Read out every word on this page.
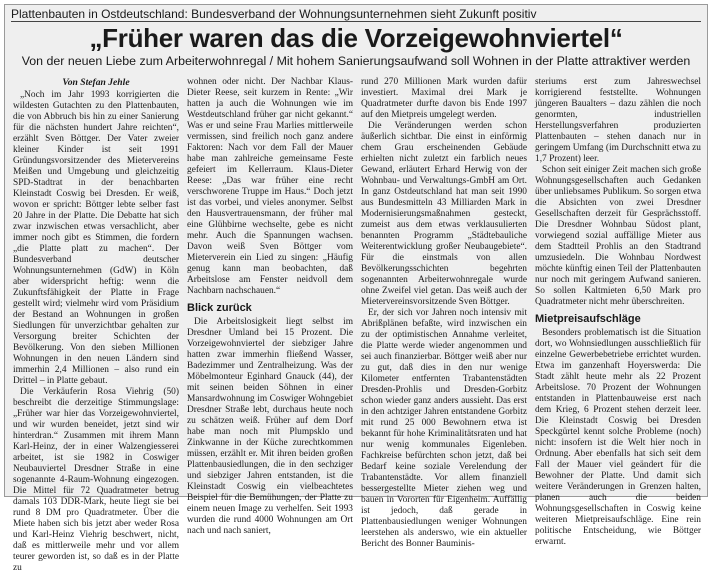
Plattenbauten in Ostdeutschland: Bundesverband der Wohnungsunternehmen sieht Zukunft positiv
„Früher waren das die Vorzeigewohnviertel“
Von der neuen Liebe zum Arbeiterwohnregal / Mit hohem Sanierungsaufwand soll Wohnen in der Platte attraktiver werden
Von Stefan Jehle

„Noch im Jahr 1993 korrigierten die wildesten Gutachten zu den Plattenbauten, die von Abbruch bis hin zu einer Sanierung für die nächsten hundert Jahre reichten“, erzählt Sven Böttger. Der Vater zweier kleiner Kinder ist seit 1991 Gründungsvorsitzender des Mietervereins Meißen und Umgebung und gleichzeitig SPD-Stadtrat in der benachbarten Kleinstadt Coswig bei Dresden. Er weiß, wovon er spricht: Böttger lebte selber fast 20 Jahre in der Platte. Die Debatte hat sich zwar inzwischen etwas versachlicht, aber immer noch gibt es Stimmen, die fordern „die Platte platt zu machen“. Der Bundesverband deutscher Wohnungsunternehmen (GdW) in Köln aber widerspricht heftig: wenn die Zukunftsfähigkeit der Platte in Frage gestellt wird; vielmehr wird vom Präsidium der Bestand an Wohnungen in großen Siedlungen für unverzichtbar gehalten zur Versorgung breiter Schichten der Bevölkerung. Von den sieben Millionen Wohnungen in den neuen Ländern sind immerhin 2,4 Millionen – also rund ein Drittel – in Platte gebaut.

Die Verkäuferin Rosa Viehrig (50) beschreibt die derzeitige Stimmungslage: „Früher war hier das Vorzeigewohnviertel, und wir wurden beneidet, jetzt sind wir hinterdran.“ Zusammen mit ihrem Mann Karl-Heinz, der in einer Walzengiesserei arbeitet, ist sie 1982 in Coswiger Neubauviertel Dresdner Straße in eine sogenannte 4-Raum-Wohnung eingezogen. Die Mittel für 72 Quadratmeter betrug damals 103 DDR-Mark, heute liegt sie bei rund 8 DM pro Quadratmeter. Über die Miete haben sich bis jetzt aber weder Rosa und Karl-Heinz Viehrig beschwert, nicht, daß es mittlerweile mehr und vor allem teurer geworden ist, so daß es in der Platte zu

wohnen oder nicht. Der Nachbar Klaus-Dieter Reese, seit kurzem in Rente: „Wir hatten ja auch die Wohnungen wie im Westdeutschland früher gar nicht gekannt.“ Was er und seine Frau Marlies mittlerweile vermissen, sind freilich noch ganz andere Faktoren: Nach vor dem Fall der Mauer habe man zahlreiche gemeinsame Feste gefeiert im Kellerraum. Klaus-Dieter Reese: „Das war früher eine recht verschworene Truppe im Haus.“ Doch jetzt ist das vorbei, und vieles anonymer. Selbst den Hausvertrauensmann, der früher mal eine Glühbirne wechselte, gebe es nicht mehr. Auch die Spannungen wachsen. Davon weiß Sven Böttger vom Mieterverein ein Lied zu singen: „Häufig genug kann man beobachten, daß Arbeitslose am Fenster neidvoll dem Nachbarn nachschauen.“

Blick zurück

Die Arbeitslosigkeit liegt selbst im Dresdner Umland bei 15 Prozent. Die Vorzeigewohnviertel der siebziger Jahre hatten zwar immerhin fließend Wasser, Badezimmer und Zentralheizung. Was der Möbelmonteur Eginhard Gnauck (44), der mit seinen beiden Söhnen in einer Mansardwohnung im Coswiger Wohngebiet Dresdner Straße lebt, durchaus heute noch zu schätzen weiß. Früher auf dem Dorf habe man noch mit Plumpsklo und Zinkwanne in der Küche zurechtkommen müssen, erzählt er. Mit ihren beiden großen Plattenbausiedlungen, die in den sechziger und siebziger Jahren entstanden, ist die Kleinstadt Coswig ein vielbeachtetes Beispiel für die Bemühungen, der Platte zu einem neuen Image zu verhelfen. Seit 1993 wurden die rund 4000 Wohnungen am Ort nach und nach saniert,

rund 270 Millionen Mark wurden dafür investiert. Maximal drei Mark je Quadratmeter durfte davon bis Ende 1997 auf den Mietpreis umgelegt werden.

Die Veränderungen werden schon äußerlich sichtbar. Die einst in einförmig chem Grau erscheinenden Gebäude erhielten nicht zuletzt ein farblich neues Gewand, erläutert Erhard Herwig von der Wohnbau- und Verwaltungs-GmbH am Ort. In ganz Ostdeutschland hat man seit 1990 aus Bundesmitteln 43 Milliarden Mark in Modernisierungsmaßnahmen gesteckt, zumeist aus dem etwas verklausulierten benannten Programm „Städtebauliche Weiterentwicklung großer Neubaugebiete“. Für die einstmals von allen Bevölkerungsschichten begehrten sogenannten Arbeiterwohnregale wurde ohne Zweifel viel getan. Das weiß auch der Mietervereinsvorsitzende Sven Böttger.

Er, der sich vor Jahren noch intensiv mit Abrißplänen befaßte, wird inzwischen ein zu der optimistischen Annahme verleitet, die Platte werde wieder angenommen und sei auch finanzierbar. Böttger weiß aber nur zu gut, daß dies in den nur wenige Kilometer entfernten Trabantenstädten Dresden-Prohlis und Dresden-Gorbitz schon wieder ganz anders aussieht. Das erst in den achtziger Jahren entstandene Gorbitz mit rund 25 000 Bewohnern etwa ist bekannt für hohe Kriminalitätsraten und hat nur wenig kommunales Eigenleben. Fachkreise befürchten schon jetzt, daß bei Bedarf keine soziale Verelendung der Trabantenstädte. Vor allem finanziell bessergestellte Mieter ziehen weg und bauen in Vororten für Eigenheim. Auffällig ist jedoch, daß gerade in Plattenbausiedlungen weniger Wohnungen leerstehen als anderswo, wie ein aktueller Bericht des Bonner Bauminis-

steriums erst zum Jahreswechsel korrigierend feststellte. Wohnungen jüngeren Baualters – dazu zählen die noch genormten, industriellen Herstellungsverfahren produzierten Plattenbauten – stehen danach nur in geringem Umfang (im Durchschnitt etwa zu 1,7 Prozent) leer.

Schon seit einiger Zeit machen sich große Wohnungsgesellschaften auch Gedanken über unliebsames Publikum. So sorgen etwa die Absichten von zwei Dresdner Gesellschaften derzeit für Gesprächsstoff. Die Dresdner Wohnbau Südost plant, vorwiegend sozial auffällige Mieter aus dem Stadtteil Prohlis an den Stadtrand umzusiedeln. Die Wohnbau Nordwest möchte künftig einen Teil der Plattenbauten nur noch mit geringem Aufwand sanieren. So sollen Kaltmieten 6,50 Mark pro Quadratmeter nicht mehr überschreiten.

Mietpreisaufschläge

Besonders problematisch ist die Situation dort, wo Wohnsiedlungen ausschließlich für einzelne Gewerbebetriebe errichtet wurden. Etwa im ganzenhaft Hoyerswerda: Die Stadt zählt heute mehr als 22 Prozent Arbeitslose. 70 Prozent der Wohnungen entstanden in Plattenbauweise erst nach dem Krieg, 6 Prozent stehen derzeit leer. Die Kleinstadt Coswig bei Dresden Speckgürtel kennt solche Probleme (noch) nicht: insofern ist die Welt hier noch in Ordnung. Aber ebenfalls hat sich seit dem Fall der Mauer viel geändert für die Bewohner der Platte. Und damit sich weitere Veränderungen in Grenzen halten, planen auch die beiden Wohnungsgesellschaften in Coswig keine weiteren Mietpreisaufschläge. Eine rein politische Entscheidung, wie Böttger erwarnt.
